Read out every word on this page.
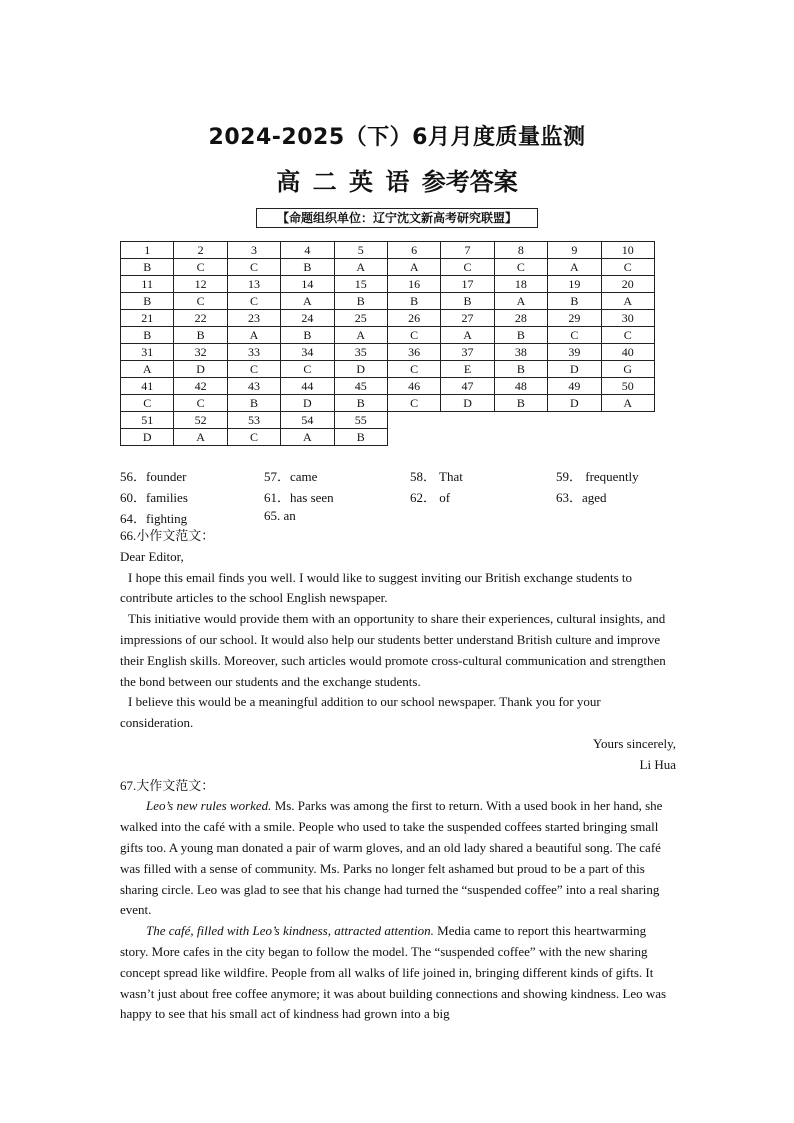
2024-2025（下）6月月度质量监测
高 二 英 语 参考答案
【命题组织单位：辽宁沈文新高考研究联盟】
1	2	3	4	5	6	7	8	9	10
B	C	C	B	A	A	C	C	A	C
11	12	13	14	15	16	17	18	19	20
B	C	C	A	B	B	B	A	B	A
21	22	23	24	25	26	27	28	29	30
B	B	A	B	A	C	A	B	C	C
31	32	33	34	35	36	37	38	39	40
A	D	C	C	D	C	E	B	D	G
41	42	43	44	45	46	47	48	49	50
C	C	B	D	B	C	D	B	D	A
51	52	53	54	55					
D	A	C	A	B					
56．founder	57．came	58． That	59． frequently
60．families	61．has seen	62． of	63．aged
64．fighting	65. an

66.小作文范文：

Dear Editor,

I hope this email finds you well. I would like to suggest inviting our British exchange students to contribute articles to the school English newspaper.

This initiative would provide them with an opportunity to share their experiences, cultural insights, and impressions of our school. It would also help our students better understand British culture and improve their English skills. Moreover, such articles would promote cross-cultural communication and strengthen the bond between our students and the exchange students.

I believe this would be a meaningful addition to our school newspaper. Thank you for your consideration.

Yours sincerely,

Li Hua

67.大作文范文：

Leo’s new rules worked. Ms. Parks was among the first to return. With a used book in her hand, she walked into the café with a smile. People who used to take the suspended coffees started bringing small gifts too. A young man donated a pair of warm gloves, and an old lady shared a beautiful song. The café was filled with a sense of community. Ms. Parks no longer felt ashamed but proud to be a part of this sharing circle. Leo was glad to see that his change had turned the “suspended coffee” into a real sharing event.

The café, filled with Leo’s kindness, attracted attention. Media came to report this heartwarming story. More cafes in the city began to follow the model. The “suspended coffee” with the new sharing concept spread like wildfire. People from all walks of life joined in, bringing different kinds of gifts. It wasn’t just about free coffee anymore; it was about building connections and showing kindness. Leo was happy to see that his small act of kindness had grown into a big
